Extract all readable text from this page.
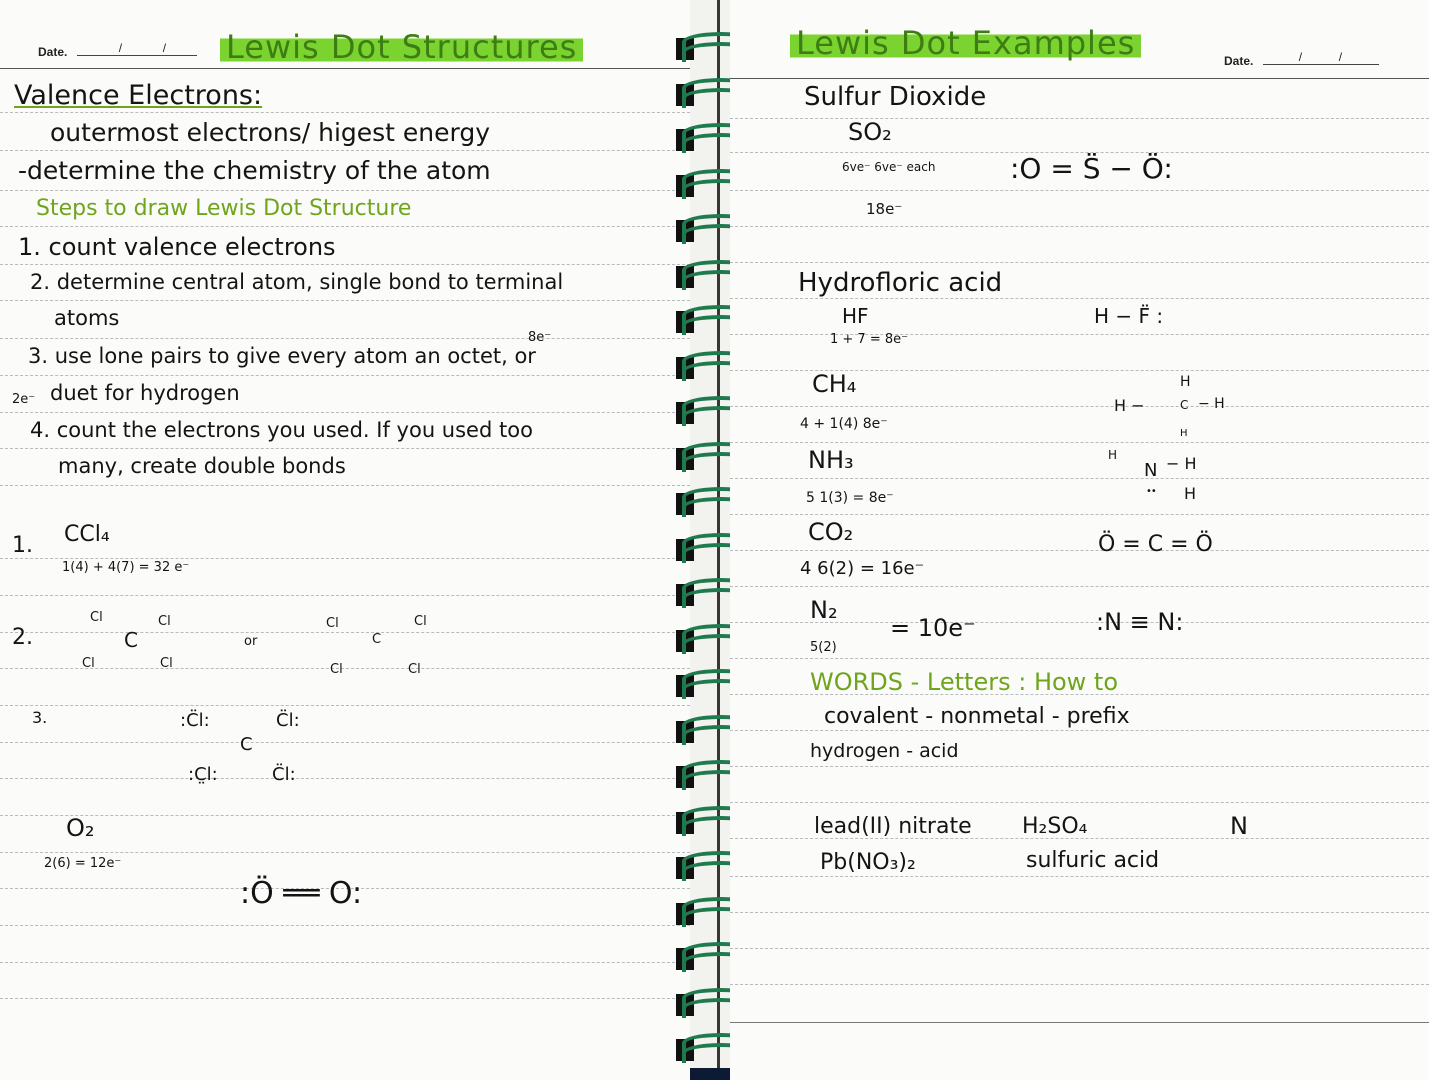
Date.	/	/ Lewis Dot Structures
Valence Electrons:
outermost electrons/ higest energy
-determine the chemistry of the atom
Steps to draw Lewis Dot Structure
1. count valence electrons
2. determine central atom, single bond to terminal
atoms
8e⁻
3. use lone pairs to give every atom an octet, or
2e⁻ duet for hydrogen
4. count the electrons you used. If you used too
many, create double bonds
1. CCl₄
1(4) + 4(7) = 32 e⁻
2.
Cl	Cl
C
Cl	Cl
or
Cl	Cl
C
Cl	Cl
3.	:C̈l:	C̈l:
C
:C̤l:	C̈l:
O₂
2(6) = 12e⁻
:Ö ══ O:
Lewis Dot Examples	Date.	/	/
Sulfur Dioxide
SO₂
6ve⁻ 6ve⁻ each
18e⁻
:O = S̈ − Ö:
Hydrofloric acid
HF
1 + 7 = 8e⁻
H − F̈ :
CH₄
4 + 1(4) 8e⁻
H
H −	C − H
H
NH₃
5 1(3) = 8e⁻
H
N − H
H
••
CO₂
4 6(2) = 16e⁻
Ö = C = Ö
N₂
5(2)
= 10e⁻	:N ≡ N:
WORDS - Letters : How to
covalent - nonmetal - prefix
hydrogen - acid
lead(II) nitrate
Pb(NO₃)₂
H₂SO₄
sulfuric acid
N
